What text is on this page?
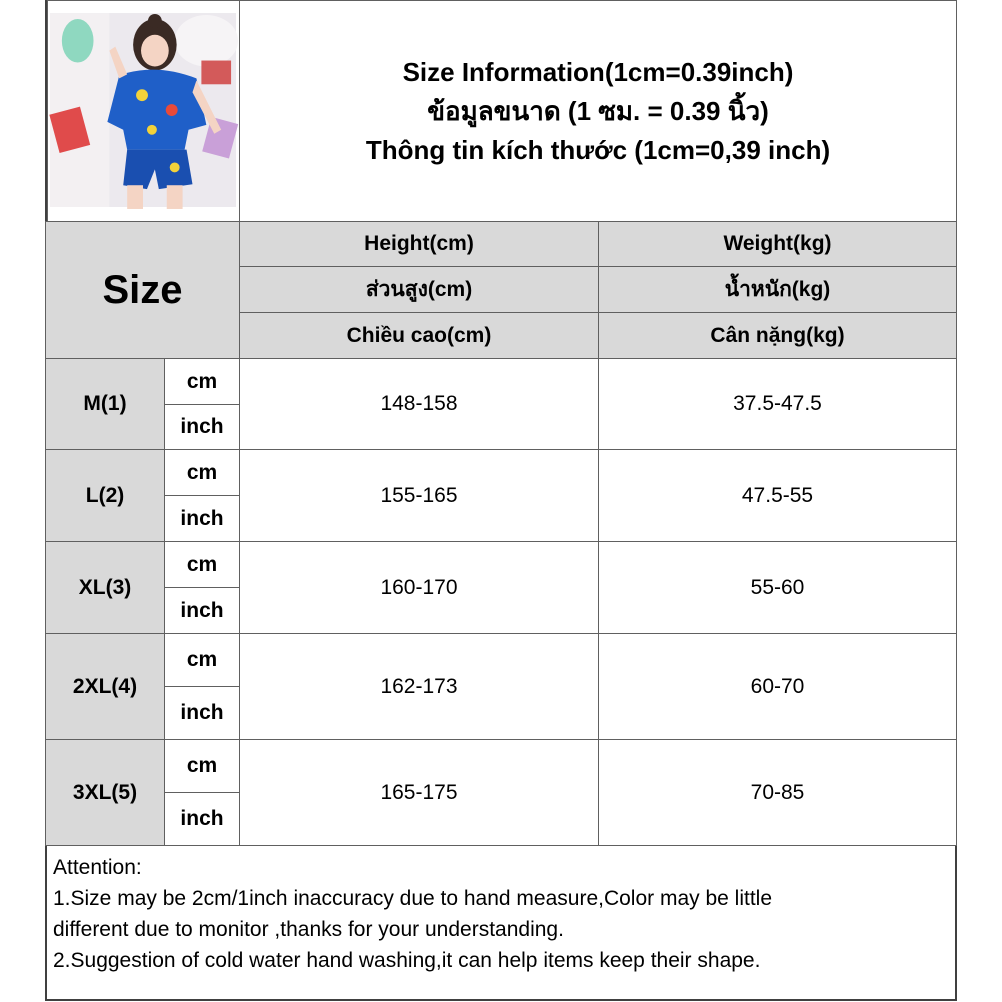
Size Information(1cm=0.39inch)
ข้อมูลขนาด (1 ซม. = 0.39 นิ้ว)
Thông tin kích thước (1cm=0,39 inch)
Size
Height(cm)
ส่วนสูง(cm)
Chiều cao(cm)
Weight(kg)
น้ำหนัก(kg)
Cân nặng(kg)
M(1)
cm
inch
148-158	37.5-47.5
L(2)
cm
inch
155-165	47.5-55
XL(3)
cm
inch
160-170	55-60
2XL(4)
cm
inch
162-173	60-70
3XL(5)
cm
inch
165-175	70-85

Attention:

1.Size may be 2cm/1inch inaccuracy due to hand measure,Color may be little

different due to monitor ,thanks for your understanding.

2.Suggestion of cold water hand washing,it can help items keep their shape.
